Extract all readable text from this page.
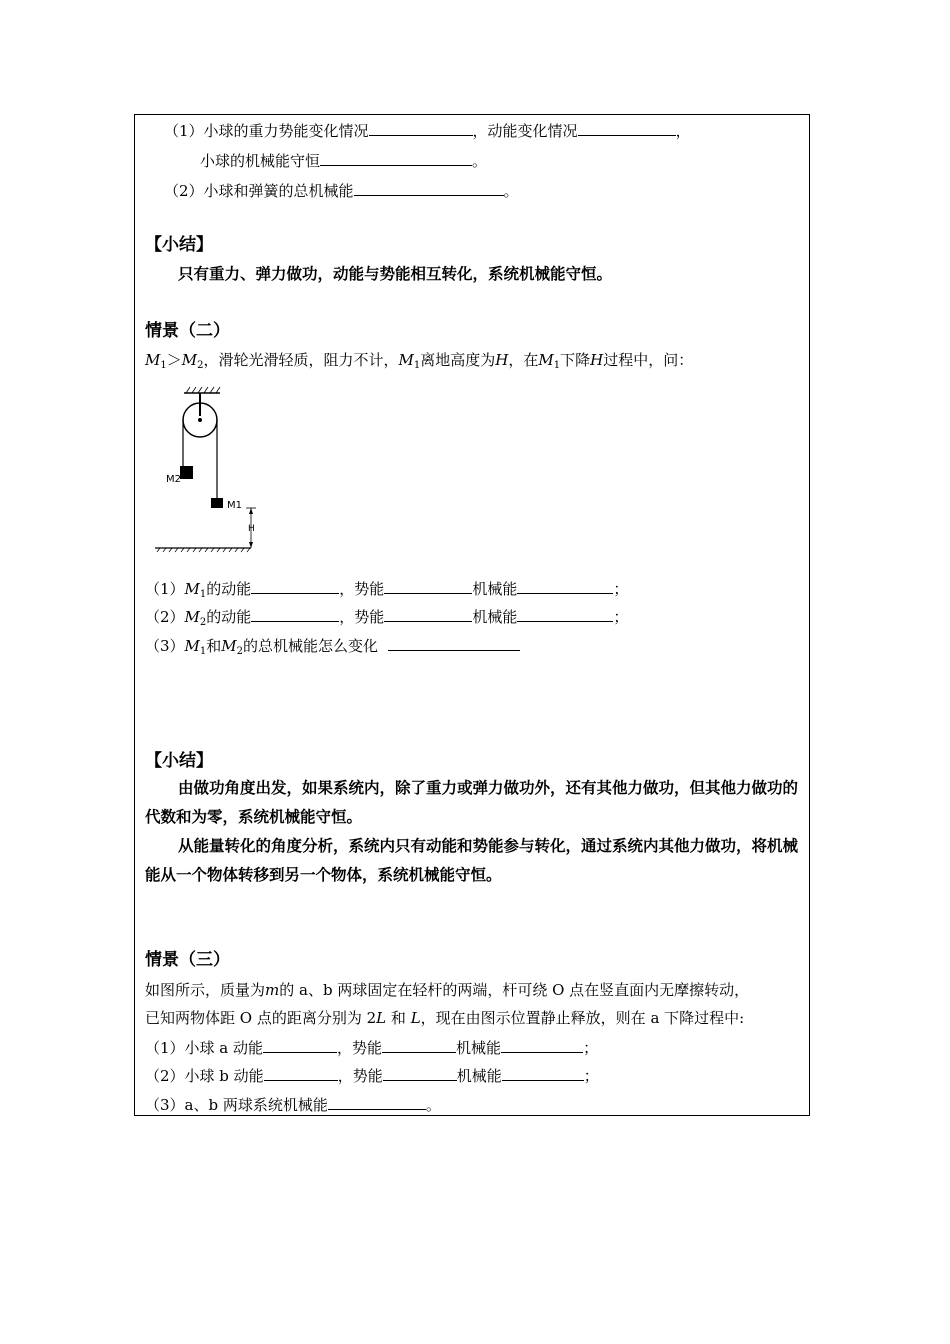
（1）小球的重力势能变化情况	，动能变化情况	，
小球的机械能守恒	。
（2）小球和弹簧的总机械能	。
【小结】
只有重力、弹力做功，动能与势能相互转化，系统机械能守恒。
情景（二）
$M_1>M_2$，滑轮光滑轻质，阻力不计，$M_1$离地高度为H，在$M_1$下降H过程中，问：
M2
M1
H
$(1)M_1$的动能	，势能	机械能	；
$(2)M_2$的动能	，势能	机械能	；
$(3)M_1$和$M_2$的总机械能怎么变化
【小结】
由做功角度出发，如果系统内，除了重力或弹力做功外，还有其他力做功，但其他力做功的代数和为零，系统机械能守恒。
从能量转化的角度分析，系统内只有动能和势能参与转化，通过系统内其他力做功，将机械能从一个物体转移到另一个物体，系统机械能守恒。
情景（三）
如图所示，质量为m的 a、b 两球固定在轻杆的两端，杆可绕 O 点在竖直面内无摩擦转动，
已知两物体距 O 点的距离分别为 2L 和 L，现在由图示位置静止释放，则在 a 下降过程中:
（1）小球 a 动能	，势能	机械能	；
（2）小球 b 动能	，势能	机械能	；
（3）a、b 两球系统机械能	。
